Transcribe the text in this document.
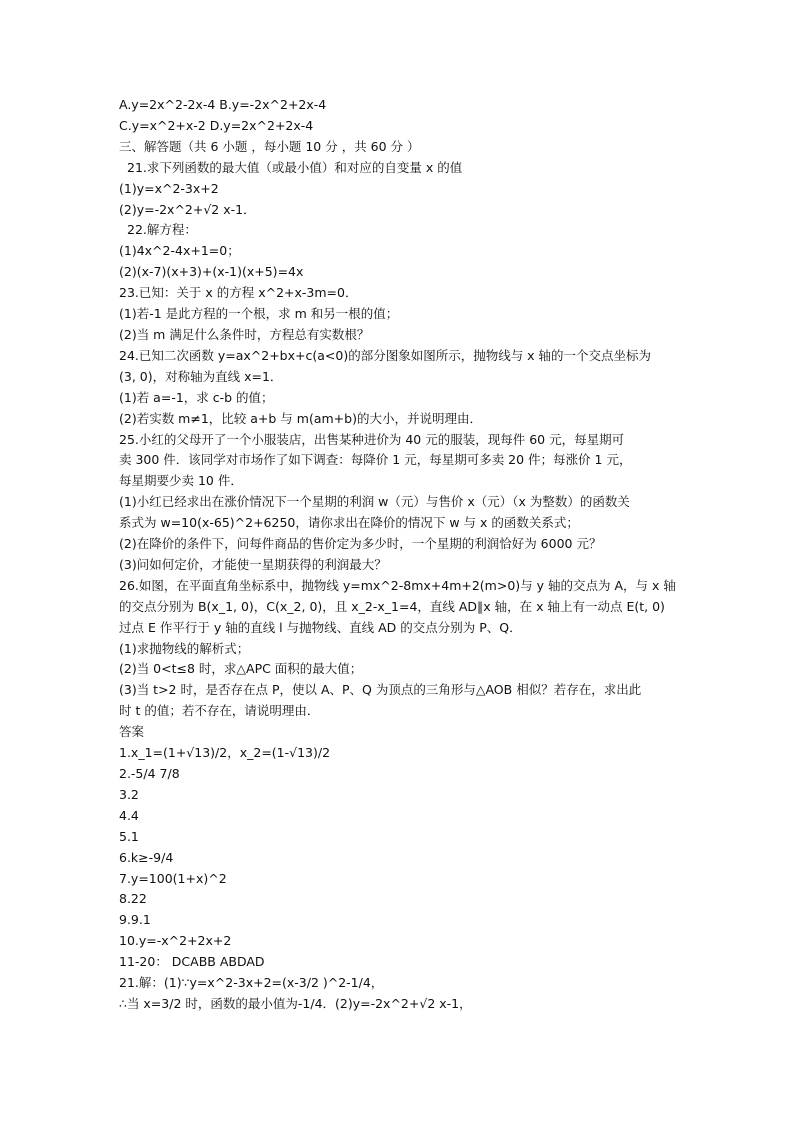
A.y=2x^2-2x-4 B.y=-2x^2+2x-4
C.y=x^2+x-2 D.y=2x^2+2x-4
三、解答题（共 6 小题 ，每小题 10 分 ，共 60 分 ）
21.求下列函数的最大值（或最小值）和对应的自变量 x 的值
(1)y=x^2-3x+2
(2)y=-2x^2+√2 x-1．
22.解方程：
(1)4x^2-4x+1=0；
(2)(x-7)(x+3)+(x-1)(x+5)=4x
23.已知：关于 x 的方程 x^2+x-3m=0．
(1)若-1 是此方程的一个根，求 m 和另一根的值；
(2)当 m 满足什么条件时，方程总有实数根？
24.已知二次函数 y=ax^2+bx+c(a<0)的部分图象如图所示，抛物线与 x 轴的一个交点坐标为
(3, 0)，对称轴为直线 x=1．
(1)若 a=-1，求 c-b 的值；
(2)若实数 m≠1，比较 a+b 与 m(am+b)的大小，并说明理由．
25.小红的父母开了一个小服装店，出售某种进价为 40 元的服装，现每件 60 元，每星期可
卖 300 件．该同学对市场作了如下调查：每降价 1 元，每星期可多卖 20 件；每涨价 1 元，
每星期要少卖 10 件．
(1)小红已经求出在涨价情况下一个星期的利润 w（元）与售价 x（元）（x 为整数）的函数关
系式为 w=10(x-65)^2+6250，请你求出在降价的情况下 w 与 x 的函数关系式；
(2)在降价的条件下，问每件商品的售价定为多少时，一个星期的利润恰好为 6000 元？
(3)问如何定价，才能使一星期获得的利润最大？
26.如图，在平面直角坐标系中，抛物线 y=mx^2-8mx+4m+2(m>0)与 y 轴的交点为 A，与 x 轴
的交点分别为 B(x_1, 0)，C(x_2, 0)，且 x_2-x_1=4，直线 AD∥x 轴，在 x 轴上有一动点 E(t, 0)
过点 E 作平行于 y 轴的直线 l 与抛物线、直线 AD 的交点分别为 P、Q．
(1)求抛物线的解析式；
(2)当 0<t≤8 时，求△APC 面积的最大值；
(3)当 t>2 时，是否存在点 P，使以 A、P、Q 为顶点的三角形与△AOB 相似？若存在，求出此
时 t 的值；若不存在，请说明理由．
答案
1.x_1=(1+√13)/2，x_2=(1-√13)/2
2.-5/4 7/8
3.2
4.4
5.1
6.k≥-9/4
7.y=100(1+x)^2
8.22
9.9.1
10.y=-x^2+2x+2
11-20： DCABB ABDAD
21.解：(1)∵y=x^2-3x+2=(x-3/2 )^2-1/4，
∴当 x=3/2 时，函数的最小值为-1/4．(2)y=-2x^2+√2 x-1，
